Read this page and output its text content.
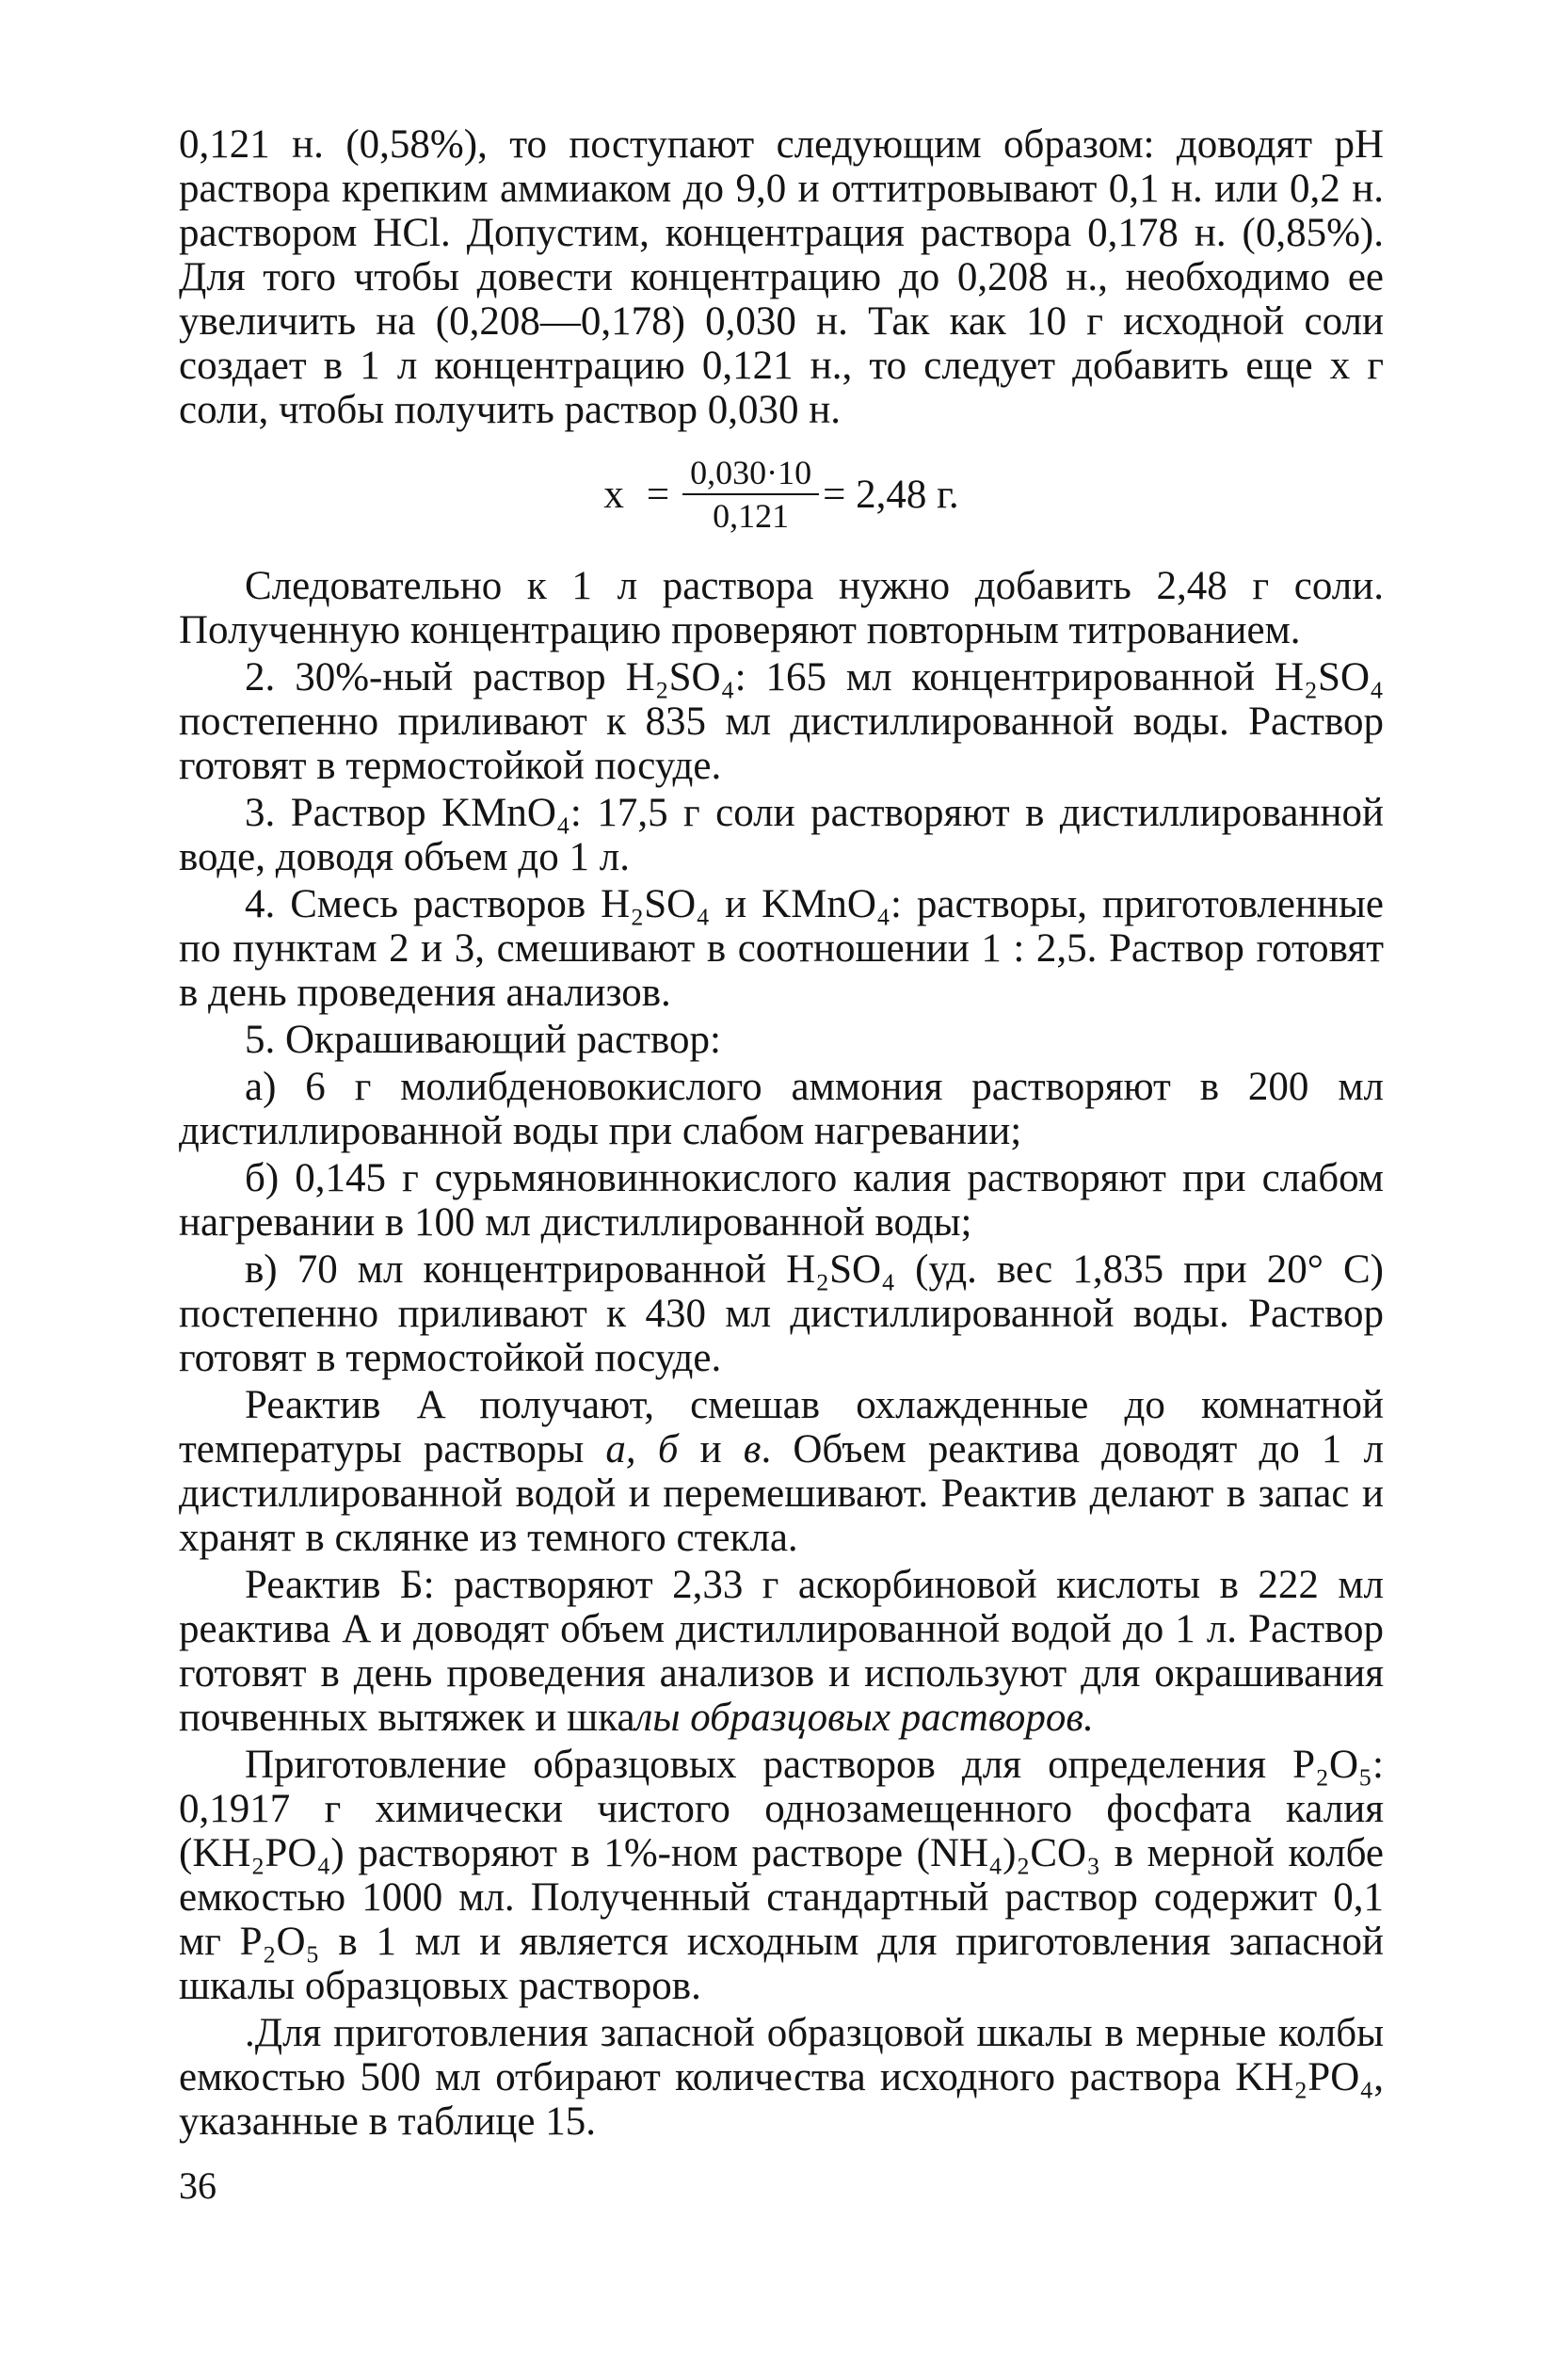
0,121 н. (0,58%), то поступают следующим образом: доводят pH раствора крепким аммиаком до 9,0 и оттитровывают 0,1 н. или 0,2 н. раствором HCl. Допустим, концентрация раствора 0,178 н. (0,85%). Для того чтобы довести концентрацию до 0,208 н., необходимо ее увеличить на (0,208—0,178) 0,030 н. Так как 10 г исходной соли создает в 1 л концентрацию 0,121 н., то следует добавить еще x г соли, чтобы получить раствор 0,030 н.

$x = \frac{0,030\cdot 10}{0,121} = 2,48$ г.

Следовательно к 1 л раствора нужно добавить 2,48 г соли. Полученную концентрацию проверяют повторным титрованием.

2. 30%-ный раствор H₂SO₄: 165 мл концентрированной H₂SO₄ постепенно приливают к 835 мл дистиллированной воды. Раствор готовят в термостойкой посуде.

3. Раствор KMnO₄: 17,5 г соли растворяют в дистиллированной воде, доводя объем до 1 л.

4. Смесь растворов H₂SO₄ и KMnO₄: растворы, приготовленные по пунктам 2 и 3, смешивают в соотношении 1 : 2,5. Раствор готовят в день проведения анализов.

5. Окрашивающий раствор:

а) 6 г молибденовокислого аммония растворяют в 200 мл дистиллированной воды при слабом нагревании;

б) 0,145 г сурьмяновиннокислого калия растворяют при слабом нагревании в 100 мл дистиллированной воды;

в) 70 мл концентрированной H₂SO₄ (уд. вес 1,835 при 20° C) постепенно приливают к 430 мл дистиллированной воды. Раствор готовят в термостойкой посуде.

Реактив A получают, смешав охлажденные до комнатной температуры растворы а, б и в. Объем реактива доводят до 1 л дистиллированной водой и перемешивают. Реактив делают в запас и хранят в склянке из темного стекла.

Реактив Б: растворяют 2,33 г аскорбиновой кислоты в 222 мл реактива A и доводят объем дистиллированной водой до 1 л. Раствор готовят в день проведения анализов и используют для окрашивания почвенных вытяжек и шкалы образцовых растворов.

Приготовление образцовых растворов для определения P₂O₅: 0,1917 г химически чистого однозамещенного фосфата калия (KH₂PO₄) растворяют в 1%-ном растворе (NH₄)₂CO₃ в мерной колбе емкостью 1000 мл. Полученный стандартный раствор содержит 0,1 мг P₂O₅ в 1 мл и является исходным для приготовления запасной шкалы образцовых растворов.

.Для приготовления запасной образцовой шкалы в мерные колбы емкостью 500 мл отбирают количества исходного раствора KH₂PO₄, указанные в таблице 15.

36
